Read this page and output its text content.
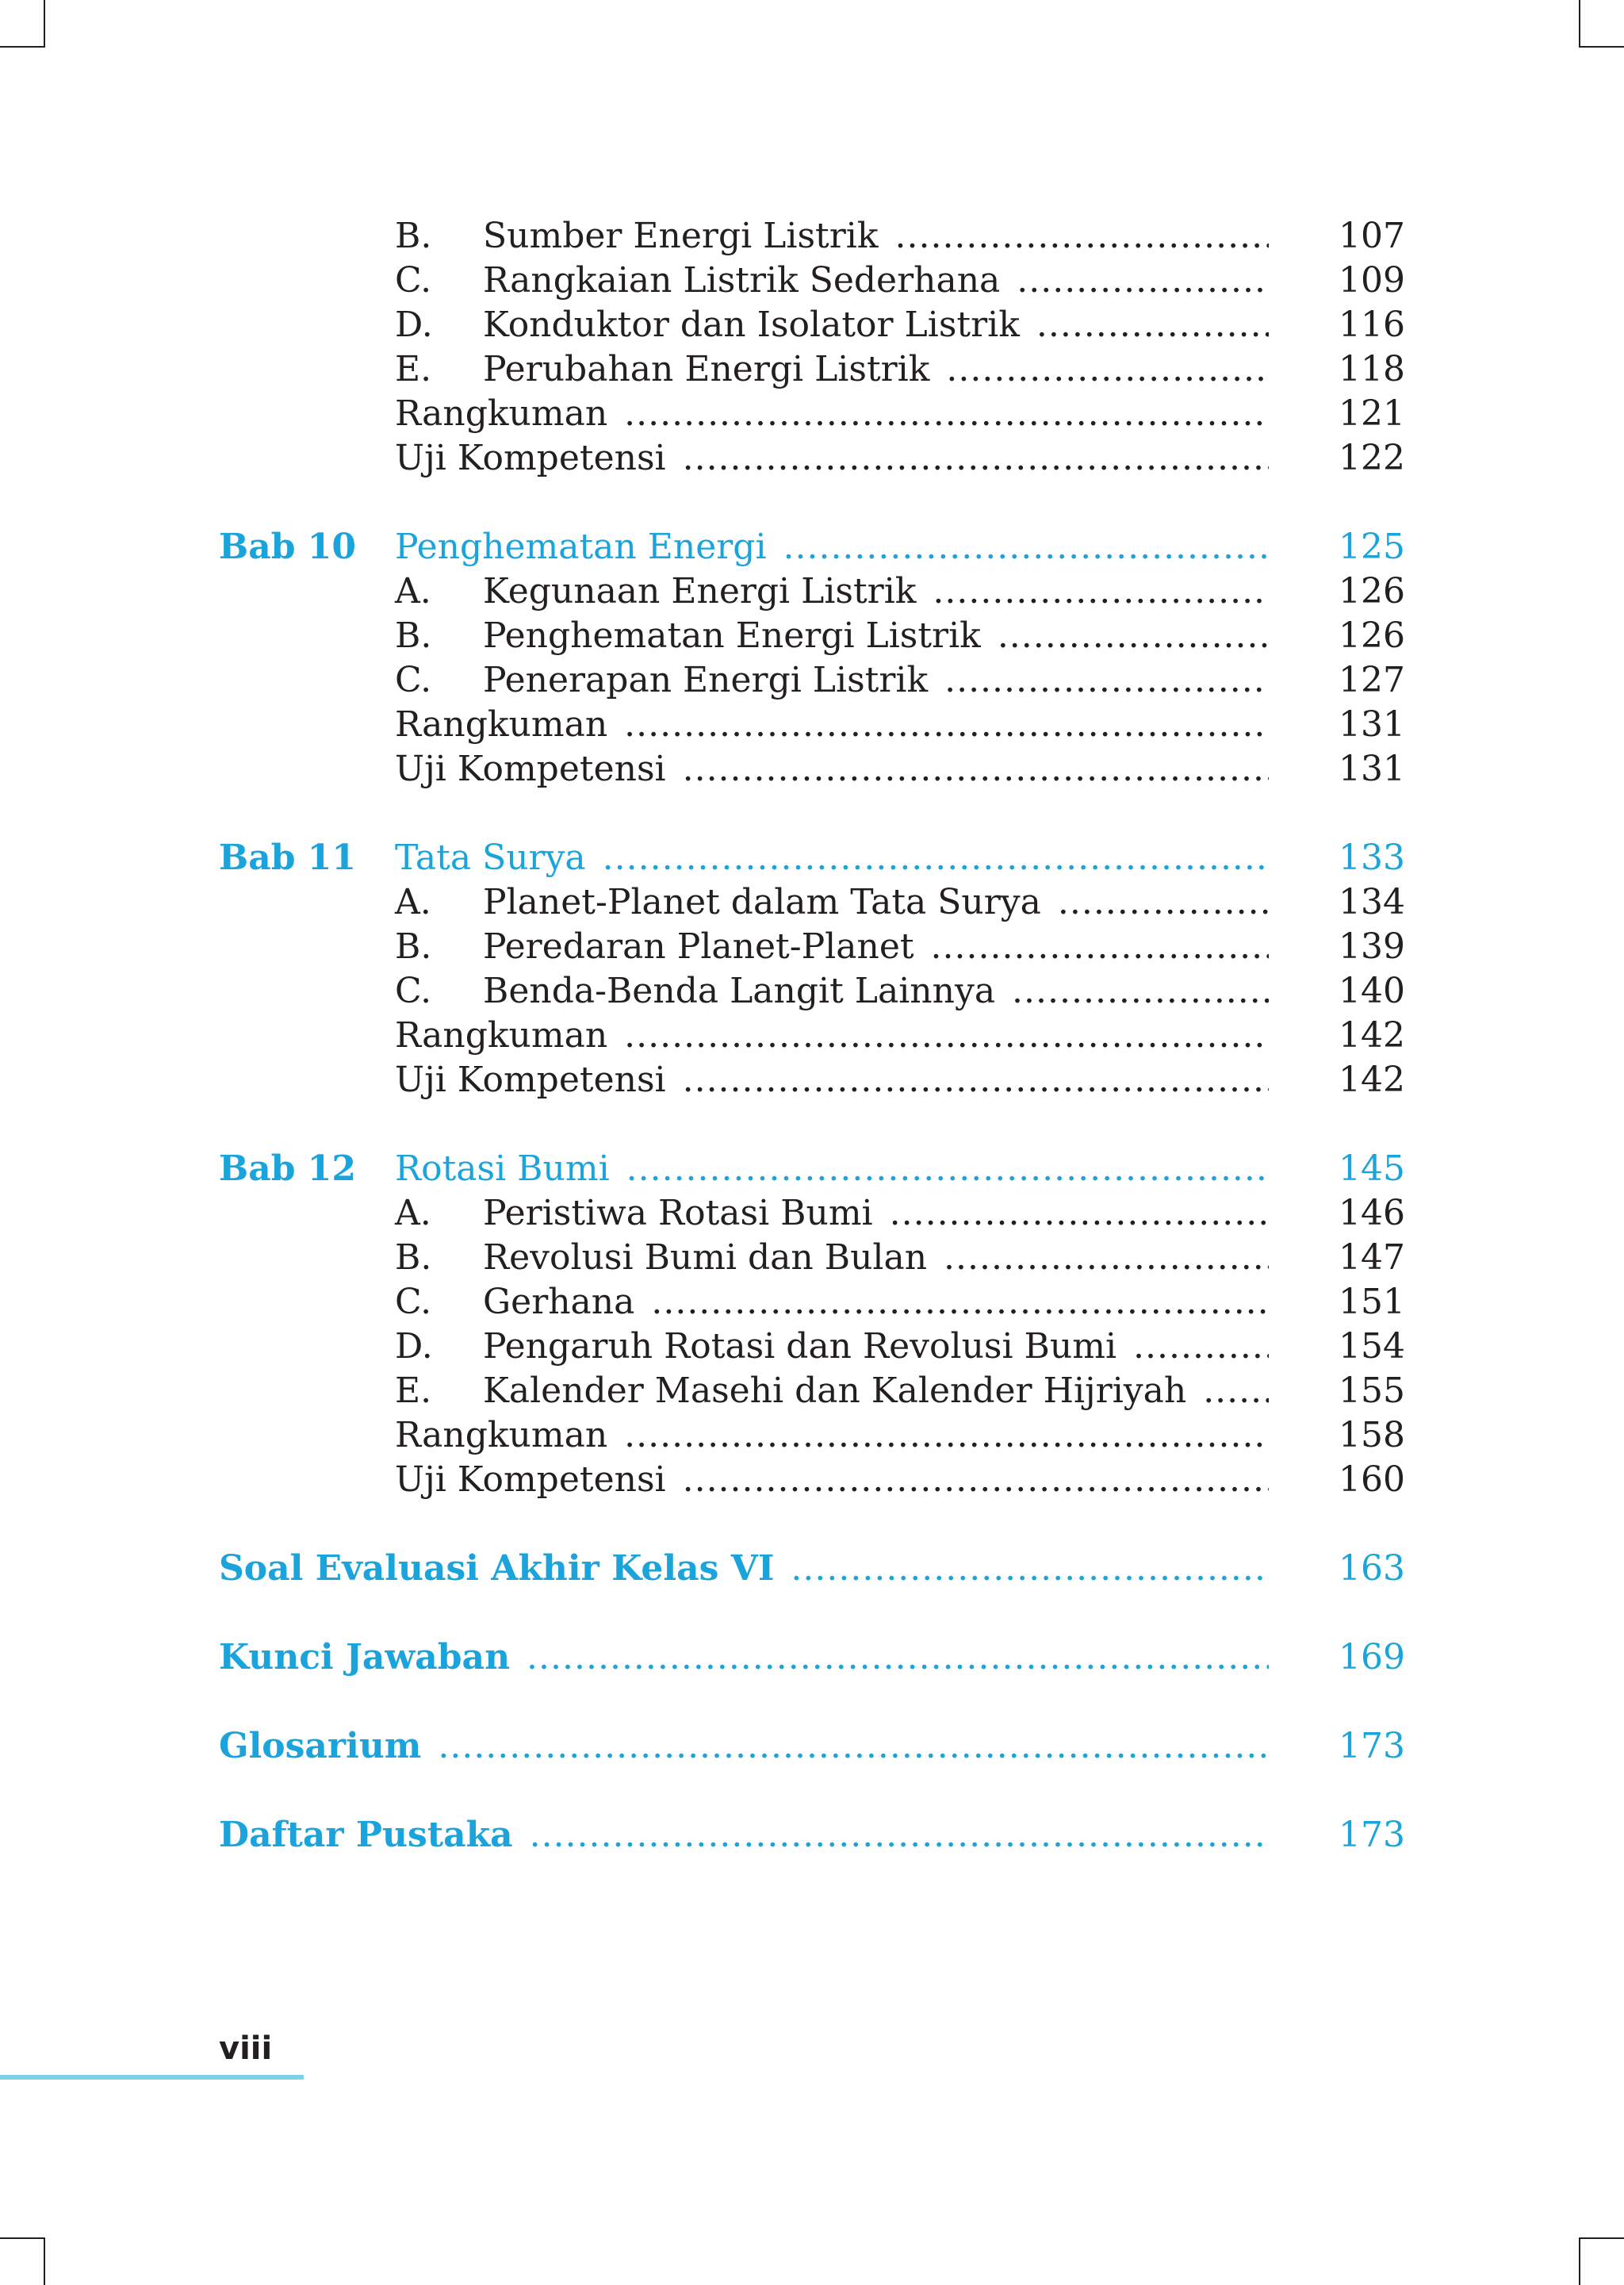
B. Sumber Energi Listrik .....	107
C. Rangkaian Listrik Sederhana .....	109
D. Konduktor dan Isolator Listrik .....	116
E. Perubahan Energi Listrik .....	118
Rangkuman .....	121
Uji Kompetensi .....	122
Bab 10 Penghematan Energi .....	125
A. Kegunaan Energi Listrik .....	126
B. Penghematan Energi Listrik .....	126
C. Penerapan Energi Listrik .....	127
Rangkuman .....	131
Uji Kompetensi .....	131
Bab 11 Tata Surya .....	133
A. Planet-Planet dalam Tata Surya .....	134
B. Peredaran Planet-Planet .....	139
C. Benda-Benda Langit Lainnya .....	140
Rangkuman .....	142
Uji Kompetensi .....	142
Bab 12 Rotasi Bumi .....	145
A. Peristiwa Rotasi Bumi .....	146
B. Revolusi Bumi dan Bulan .....	147
C. Gerhana .....	151
D. Pengaruh Rotasi dan Revolusi Bumi .....	154
E. Kalender Masehi dan Kalender Hijriyah .....	155
Rangkuman .....	158
Uji Kompetensi .....	160
Soal Evaluasi Akhir Kelas VI .....	163
Kunci Jawaban .....	169
Glosarium .....	173
Daftar Pustaka .....	173
viii
